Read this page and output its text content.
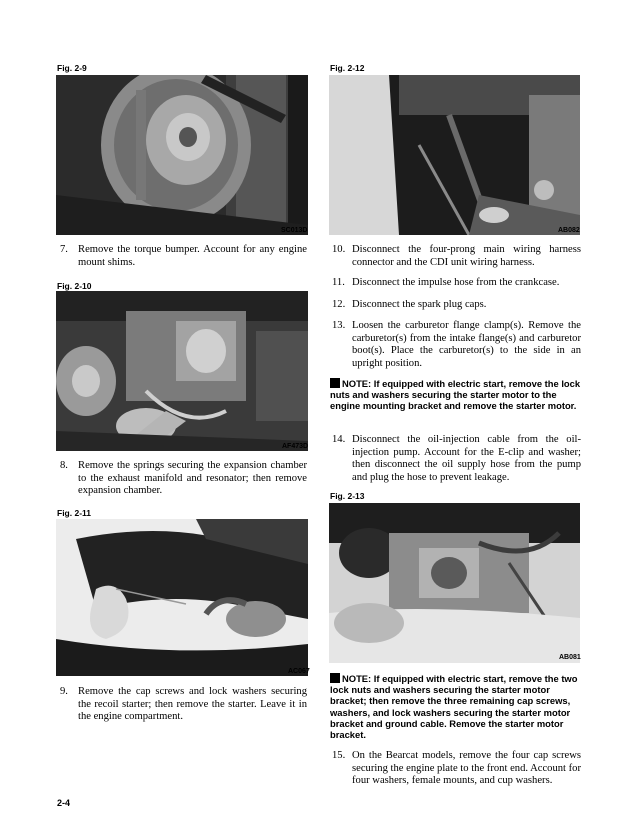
Fig. 2-9
SC013D
7. Remove the torque bumper. Account for any engine mount shims.
Fig. 2-10
AF473D
8. Remove the springs securing the expansion chamber to the exhaust manifold and resonator; then remove expansion chamber.
Fig. 2-11
AC067
9. Remove the cap screws and lock washers securing the recoil starter; then remove the starter. Leave it in the engine compartment.
2-4
Fig. 2-12
AB082
10. Disconnect the four-prong main wiring harness connector and the CDI unit wiring harness.
11. Disconnect the impulse hose from the crankcase.
12. Disconnect the spark plug caps.
13. Loosen the carburetor flange clamp(s). Remove the carburetor(s) from the intake flange(s) and carburetor boot(s). Place the carburetor(s) to the side in an upright position.
NOTE: If equipped with electric start, remove the lock nuts and washers securing the starter motor to the engine mounting bracket and remove the starter motor.
14. Disconnect the oil-injection cable from the oil-injection pump. Account for the E-clip and washer; then disconnect the oil supply hose from the pump and plug the hose to prevent leakage.
Fig. 2-13
AB081
NOTE: If equipped with electric start, remove the two lock nuts and washers securing the starter motor bracket; then remove the three remaining cap screws, washers, and lock washers securing the starter motor bracket and ground cable. Remove the starter motor bracket.
15. On the Bearcat models, remove the four cap screws securing the engine plate to the front end. Account for four washers, female mounts, and cup washers.
